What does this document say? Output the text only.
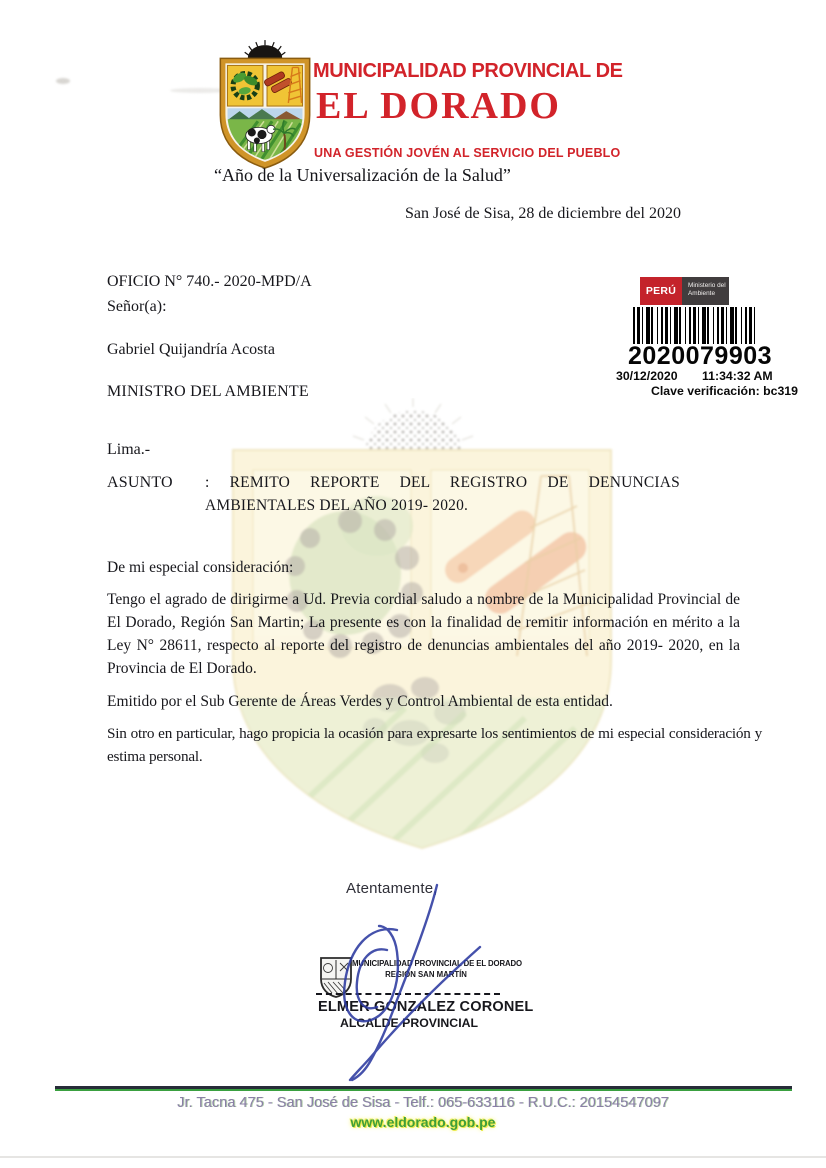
MUNICIPALIDAD PROVINCIAL DE
EL DORADO
UNA GESTIÓN JOVÉN AL SERVICIO DEL PUEBLO
“Año de la Universalización de la Salud”
San José de Sisa, 28 de diciembre del 2020
PERÚ	Ministerio del Ambiente
2020079903
30/12/2020 11:34:32 AM
Clave verificación: bc319
OFICIO N° 740.- 2020-MPD/A
Señor(a):
Gabriel Quijandría Acosta
MINISTRO DEL AMBIENTE
Lima.-
ASUNTO : REMITO REPORTE DEL REGISTRO DE DENUNCIAS AMBIENTALES DEL AÑO 2019- 2020.
De mi especial consideración:
Tengo el agrado de dirigirme a Ud. Previa cordial saludo a nombre de la Municipalidad Provincial de El Dorado, Región San Martin; La presente es con la finalidad de remitir información en mérito a la Ley N° 28611, respecto al reporte del registro de denuncias ambientales del año 2019- 2020, en la Provincia de El Dorado.
Emitido por el Sub Gerente de Áreas Verdes y Control Ambiental de esta entidad.
Sin otro en particular, hago propicia la ocasión para expresarte los sentimientos de mi especial consideración y estima personal.
Atentamente,
MUNICIPALIDAD PROVINCIAL DE EL DORADO
REGIÓN SAN MARTÍN
ELMER GONZALEZ CORONEL
ALCALDE PROVINCIAL
Jr. Tacna 475 - San José de Sisa - Telf.: 065-633116 - R.U.C.: 20154547097
www.eldorado.gob.pe
